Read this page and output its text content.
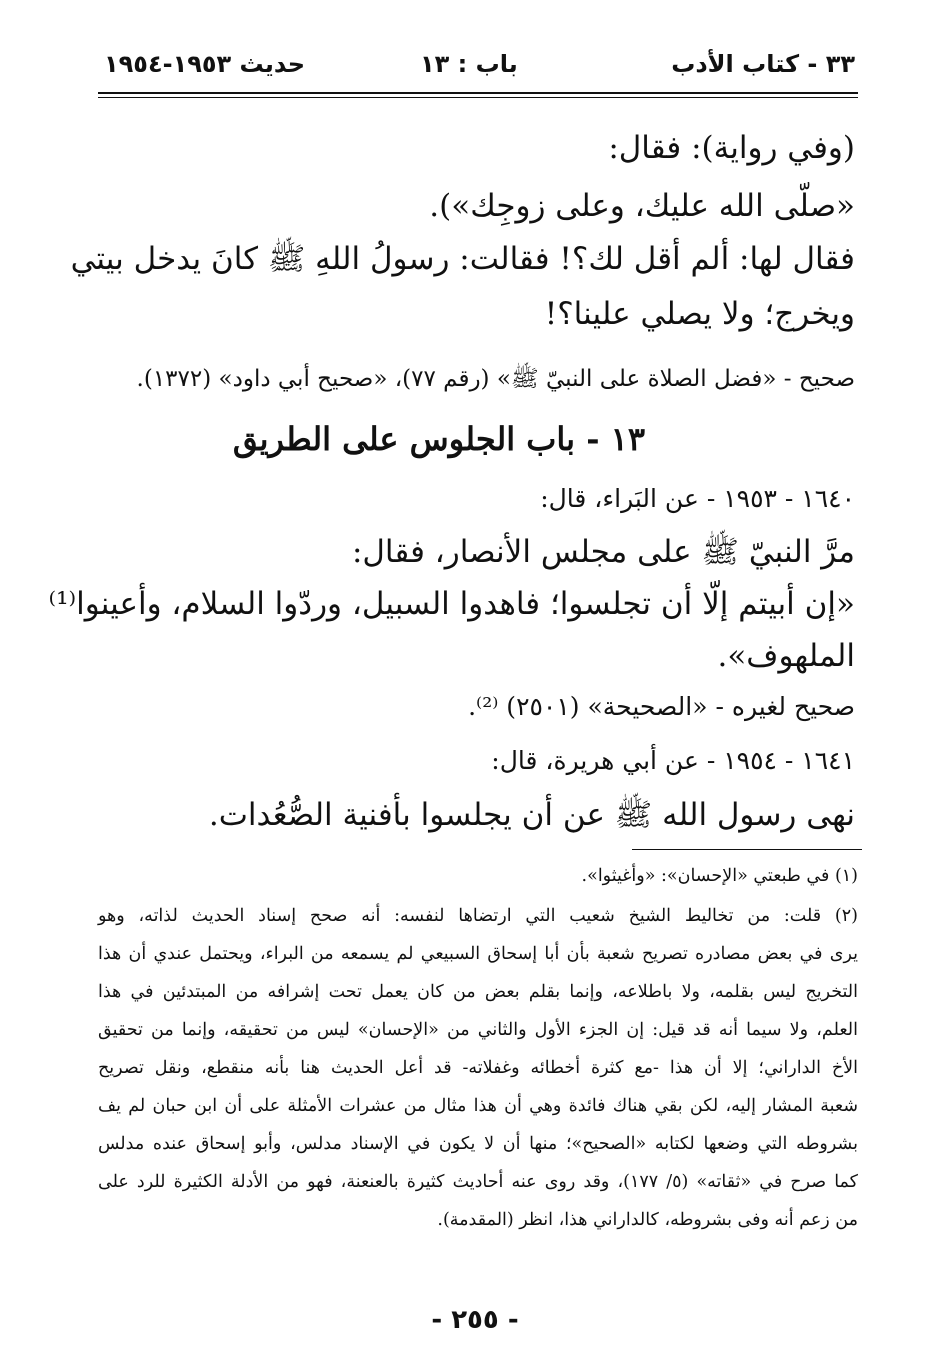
٣٣ - كتاب الأدب
باب : ١٣
حديث ١٩٥٣-١٩٥٤
(وفي رواية): فقال:
«صلّى الله عليك، وعلى زوجِك»).
فقال لها: ألم أقل لك؟! فقالت: رسولُ اللهِ ﷺ كانَ يدخل بيتي
ويخرج؛ ولا يصلي علينا؟!
صحيح - «فضل الصلاة على النبيّ ﷺ» (رقم ٧٧)، «صحيح أبي داود» (١٣٧٢).
١٣ - باب الجلوس على الطريق
١٦٤٠ - ١٩٥٣ - عن البَراء، قال:
مرَّ النبيّ ﷺ على مجلس الأنصار، فقال:
«إن أبيتم إلّا أن تجلسوا؛ فاهدوا السبيل، وردّوا السلام، وأعينوا⁽¹⁾
الملهوف».
صحيح لغيره - «الصحيحة» (٢٥٠١) ⁽²⁾.
١٦٤١ - ١٩٥٤ - عن أبي هريرة، قال:
نهى رسول الله ﷺ عن أن يجلسوا بأفنية الصُّعُدات.
(١) في طبعتي «الإحسان»: «وأغيثوا».
(٢) قلت: من تخاليط الشيخ شعيب التي ارتضاها لنفسه: أنه صحح إسناد الحديث لذاته، وهو
يرى في بعض مصادره تصريح شعبة بأن أبا إسحاق السبيعي لم يسمعه من البراء، ويحتمل عندي أن هذا
التخريج ليس بقلمه، ولا باطلاعه، وإنما بقلم بعض من كان يعمل تحت إشرافه من المبتدئين في هذا
العلم، ولا سيما أنه قد قيل: إن الجزء الأول والثاني من «الإحسان» ليس من تحقيقه، وإنما من تحقيق
الأخ الداراني؛ إلا أن هذا -مع كثرة أخطائه وغفلاته- قد أعل الحديث هنا بأنه منقطع، ونقل تصريح
شعبة المشار إليه، لكن بقي هناك فائدة وهي أن هذا مثال من عشرات الأمثلة على أن ابن حبان لم يف
بشروطه التي وضعها لكتابه «الصحيح»؛ منها أن لا يكون في الإسناد مدلس، وأبو إسحاق عنده مدلس
كما صرح في «ثقاته» (٥/ ١٧٧)، وقد روى عنه أحاديث كثيرة بالعنعنة، فهو من الأدلة الكثيرة للرد على
من زعم أنه وفى بشروطه، كالداراني هذا، انظر (المقدمة).
- ٢٥٥ -
